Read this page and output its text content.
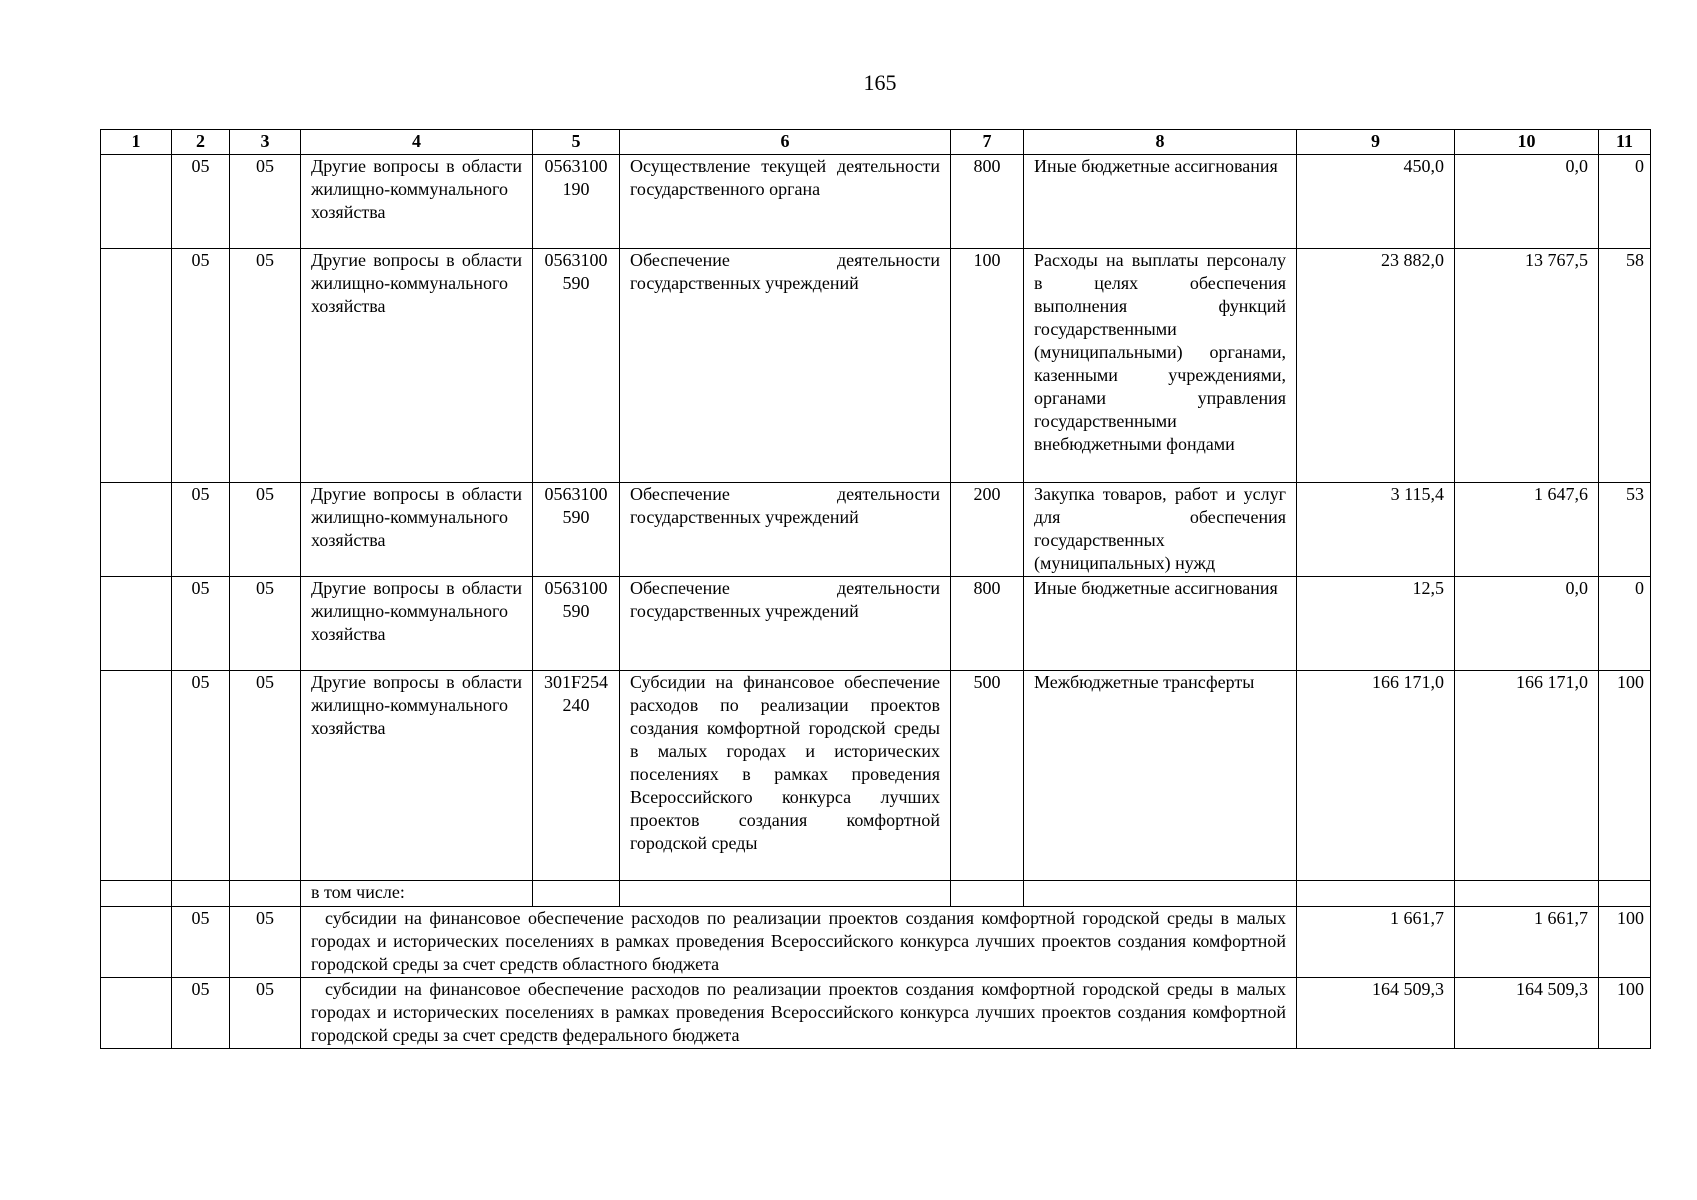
165
1	2	3	4	5	6	7	8	9	10	11
	05	05	Другие вопросы в области жилищно-коммунального хозяйства	0563100190	Осуществление текущей деятельности государственного органа	800	Иные бюджетные ассигнования	450,0	0,0	0
	05	05	Другие вопросы в области жилищно-коммунального хозяйства	0563100590	Обеспечение деятельности государственных учреждений	100	Расходы на выплаты персоналу в целях обеспечения выполнения функций государственными (муниципальными) органами, казенными учреждениями, органами управления государственными внебюджетными фондами	23 882,0	13 767,5	58
	05	05	Другие вопросы в области жилищно-коммунального хозяйства	0563100590	Обеспечение деятельности государственных учреждений	200	Закупка товаров, работ и услуг для обеспечения государственных (муниципальных) нужд	3 115,4	1 647,6	53
	05	05	Другие вопросы в области жилищно-коммунального хозяйства	0563100590	Обеспечение деятельности государственных учреждений	800	Иные бюджетные ассигнования	12,5	0,0	0
	05	05	Другие вопросы в области жилищно-коммунального хозяйства	301F254240	Субсидии на финансовое обеспечение расходов по реализации проектов создания комфортной городской среды в малых городах и исторических поселениях в рамках проведения Всероссийского конкурса лучших проектов создания комфортной городской среды	500	Межбюджетные трансферты	166 171,0	166 171,0	100
			в том числе:							
	05	05	субсидии на финансовое обеспечение расходов по реализации проектов создания комфортной городской среды в малых городах и исторических поселениях в рамках проведения Всероссийского конкурса лучших проектов создания комфортной городской среды за счет средств областного бюджета					1 661,7	1 661,7	100
	05	05	субсидии на финансовое обеспечение расходов по реализации проектов создания комфортной городской среды в малых городах и исторических поселениях в рамках проведения Всероссийского конкурса лучших проектов создания комфортной городской среды за счет средств федерального бюджета					164 509,3	164 509,3	100
